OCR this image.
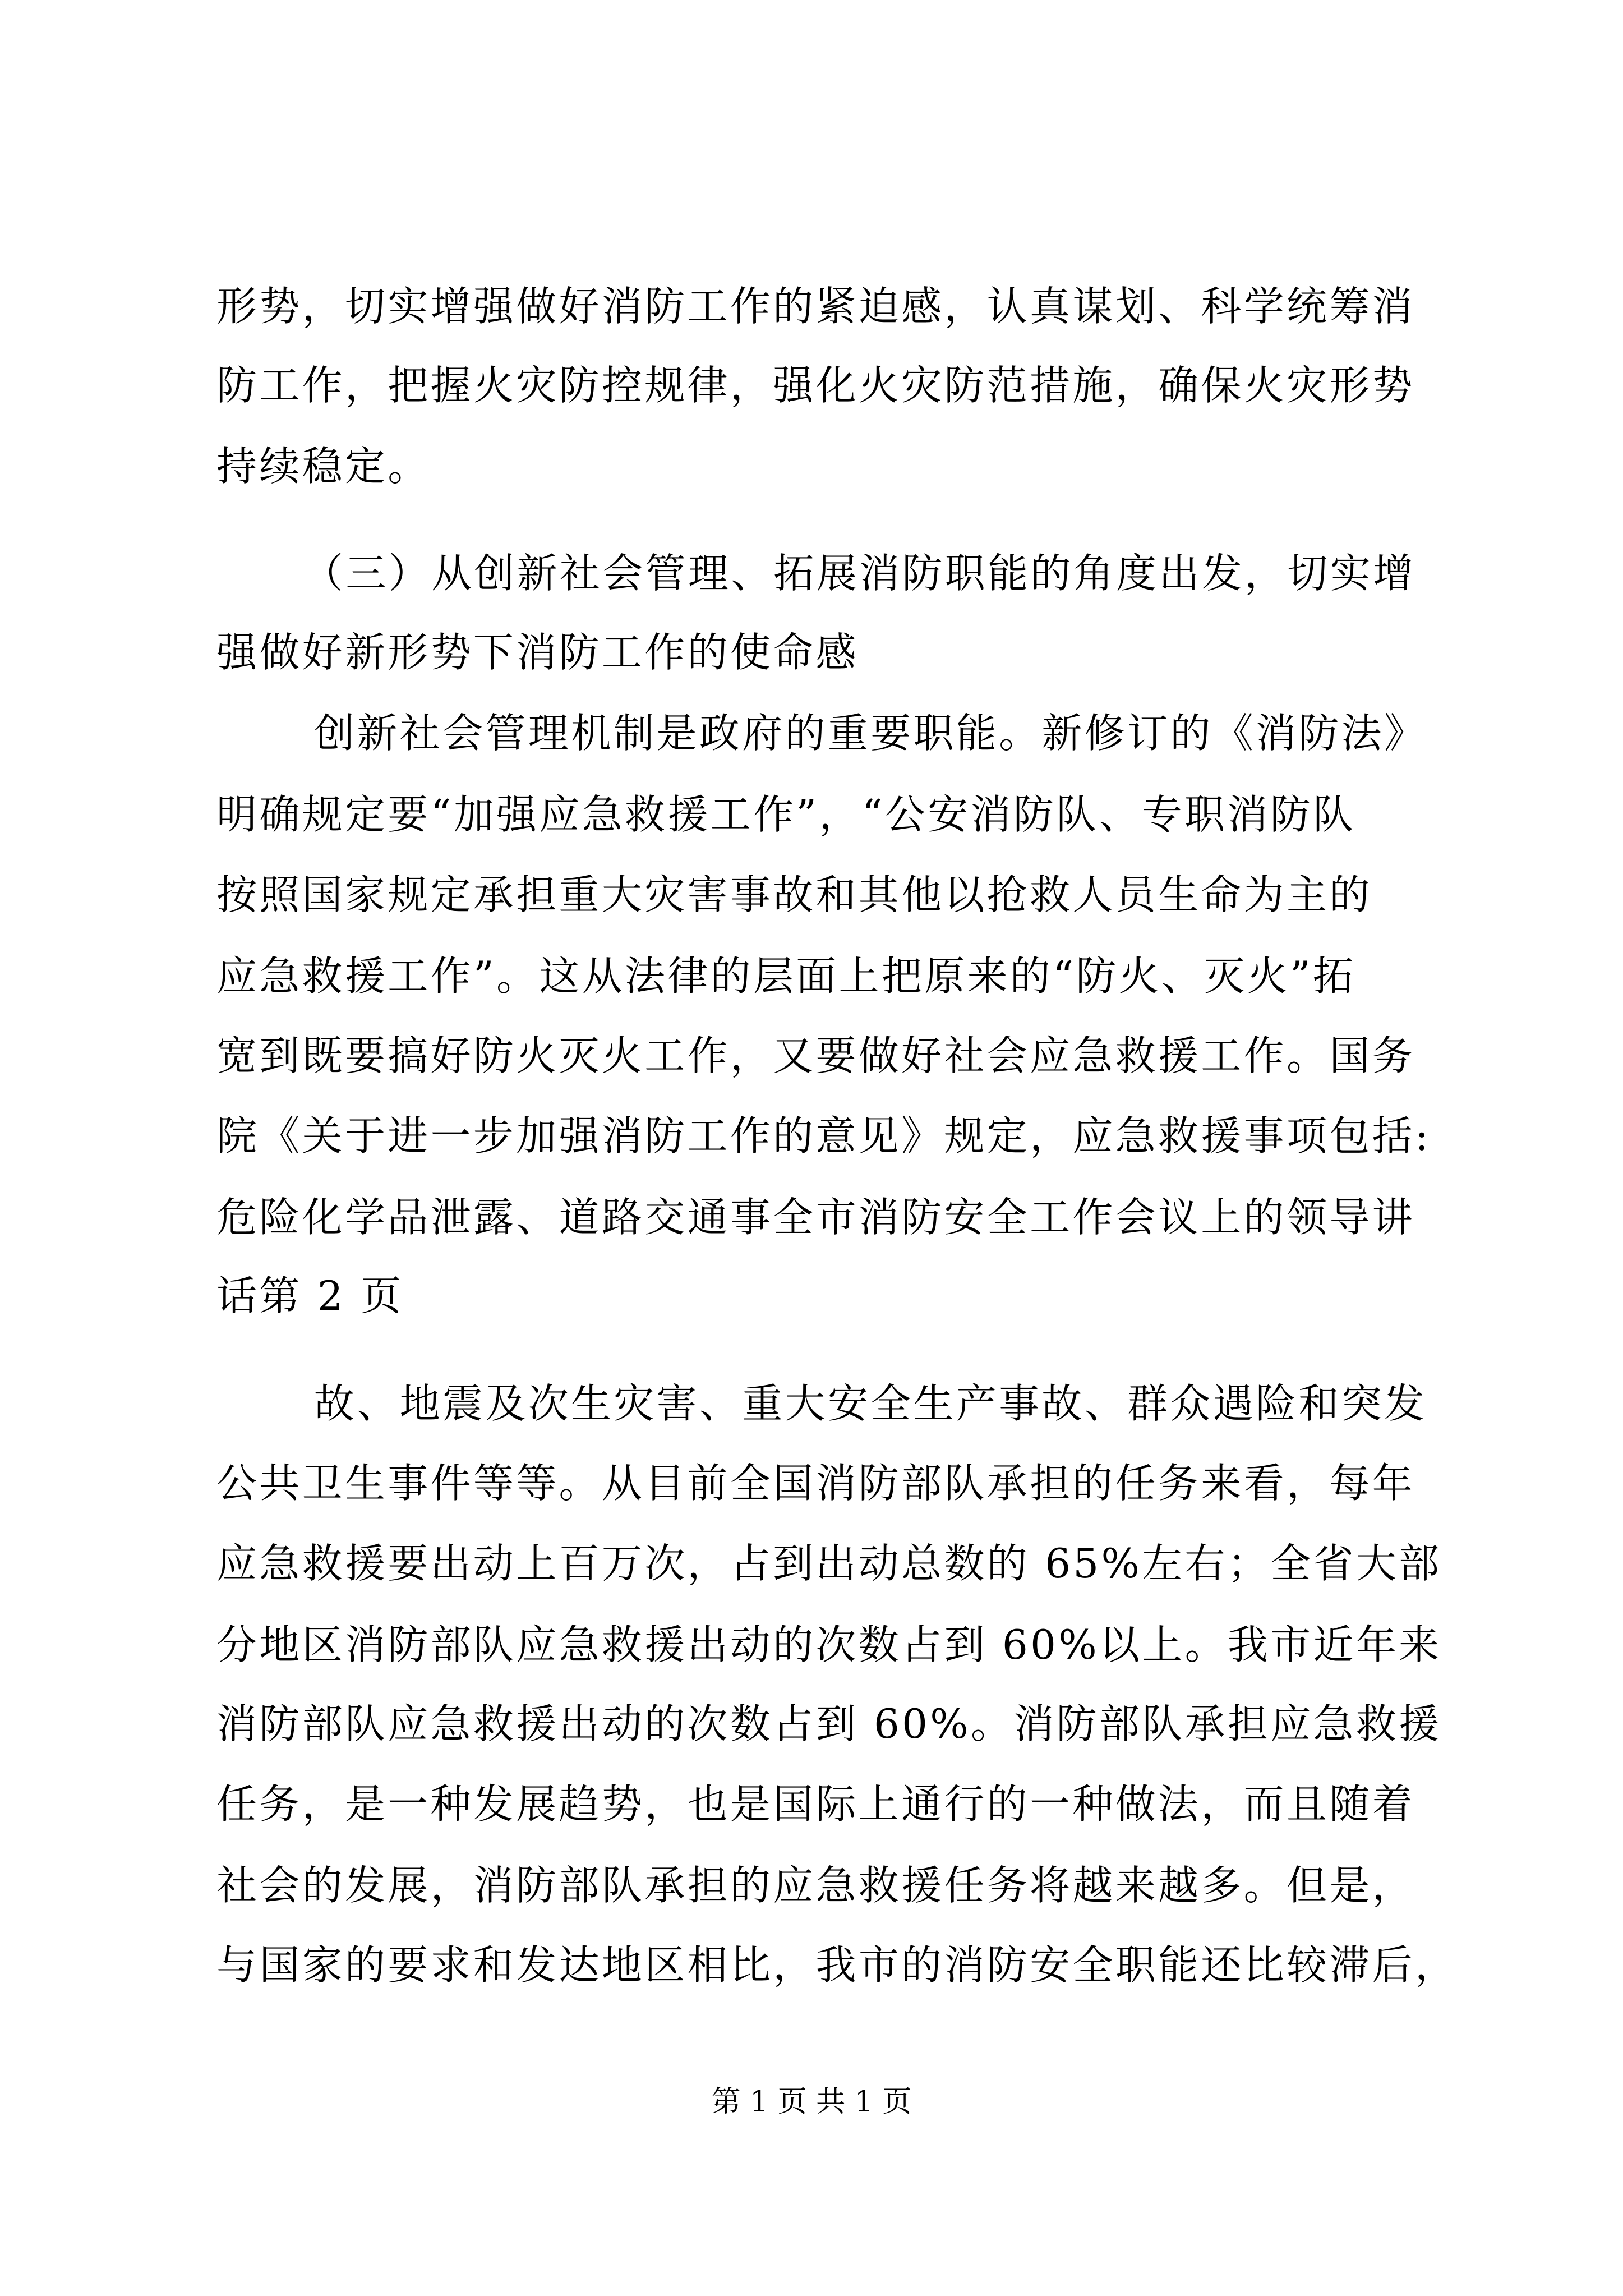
形势，切实增强做好消防工作的紧迫感，认真谋划、科学统筹消
防工作，把握火灾防控规律，强化火灾防范措施，确保火灾形势
持续稳定。
（三）从创新社会管理、拓展消防职能的角度出发，切实增
强做好新形势下消防工作的使命感
创新社会管理机制是政府的重要职能。新修订的《消防法》
明确规定要“加强应急救援工作”，“公安消防队、专职消防队
按照国家规定承担重大灾害事故和其他以抢救人员生命为主的
应急救援工作”。这从法律的层面上把原来的“防火、灭火”拓
宽到既要搞好防火灭火工作，又要做好社会应急救援工作。国务
院《关于进一步加强消防工作的意见》规定，应急救援事项包括:
危险化学品泄露、道路交通事全市消防安全工作会议上的领导讲
话第 2 页
故、地震及次生灾害、重大安全生产事故、群众遇险和突发
公共卫生事件等等。从目前全国消防部队承担的任务来看，每年
应急救援要出动上百万次，占到出动总数的 65%左右；全省大部
分地区消防部队应急救援出动的次数占到 60%以上。我市近年来
消防部队应急救援出动的次数占到 60%。消防部队承担应急救援
任务，是一种发展趋势，也是国际上通行的一种做法，而且随着
社会的发展，消防部队承担的应急救援任务将越来越多。但是，
与国家的要求和发达地区相比，我市的消防安全职能还比较滞后，
第 1 页 共 1 页
